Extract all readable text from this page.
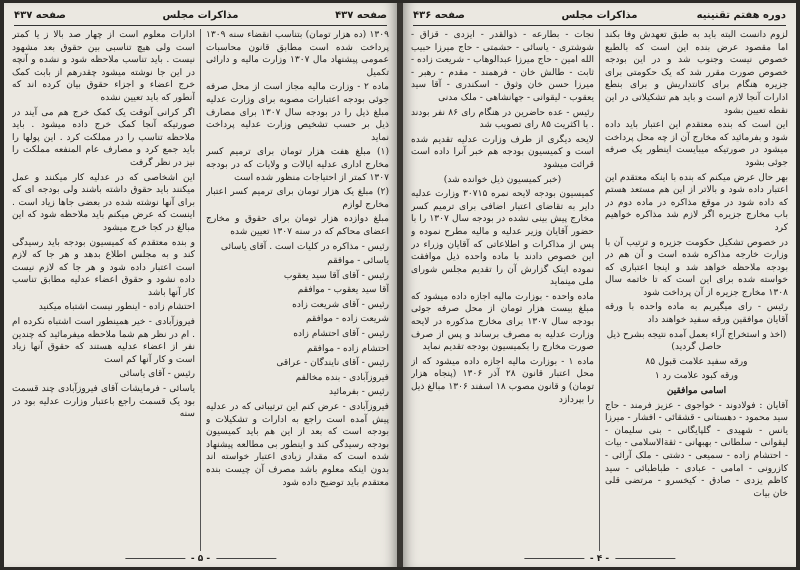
صفحه ۴۳۷
مذاکرات مجلس
صفحه ۴۳۷

۱۳۰۹ (ده هزار تومان) بتناسب انقضاء سنه ۱۳۰۹ پرداخت شده است مطابق قانون محاسبات عمومی پیشنهاد مال ۱۳۰۷ وزارت مالیه و دارائی تکمیل

ماده ۲ - وزارت مالیه مجاز است از محل صرفه جوئی بودجه اعتبارات مصوبه برای وزارت عدلیه مبلغ ذیل را در بودجه سال ۱۳۰۷ برای مصارف ذیل بر حسب تشخیص وزارت عدلیه پرداخت نماید

(۱) مبلغ هفت هزار تومان برای ترمیم کسر مخارج اداری عدلیه ایالات و ولایات که در بودجه ۱۳۰۷ کمتر از احتیاجات منظور شده است

(۲) مبلغ یک هزار تومان برای ترمیم کسر اعتبار مخارج لوازم

مبلغ دوازده هزار تومان برای حقوق و مخارج اعضای محاکم که در سنه ۱۳۰۷ تعیین شده

رئیس - مذاکره در کلیات است . آقای یاسائی

یاسائی - موافقم

رئیس - آقای آقا سید یعقوب

آقا سید یعقوب - موافقم

رئیس - آقای شریعت زاده

شریعت زاده - موافقم

رئیس - آقای احتشام زاده

احتشام زاده - موافقم

رئیس - آقای نایندگان - عراقی

فیروزآبادی - بنده مخالفم

رئیس - بفرمائید

فیروزآبادی - عرض کنم این ترتیباتی که در عدلیه پیش آمده است راجع به ادارات و تشکیلات و بودجه است که بعد از این هم باید کمیسیون بودجه رسیدگی کند و اینطور بی مطالعه پیشنهاد شده است که مقدار زیادی اعتبار خواسته اند بدون اینکه معلوم باشد مصرف آن چیست بنده معتقدم باید توضیح داده شود

ادارات معلوم است از چهار صد بالا ز یا کمتر است ولی هیچ تناسبی بین حقوق بعد مشهود نیست . باید تناسب ملاحظه شود و نشده و آنچه در این جا نوشته میشود چقدرهم از بابت کمک خرج اعضاء و اجزاء حقوق بیان کرده اند که آنطور که باید تعیین نشده

اگر کرانی آنوقت یک کمک خرج هم می آیند در صورتیکه آنجا کمک خرج داده میشود . باید ملاحظه تناسب را در مملکت کرد . این پولها را باید جمع کرد و مصارف عام المنفعه مملکت را نیز در نظر گرفت

این اشخاصی که در عدلیه کار میکنند و عمل میکنند باید حقوق داشته باشند ولی بودجه ای که برای آنها نوشته شده در بعضی جاها زیاد است . اینست که عرض میکنم باید ملاحظه شود که این مبالغ در کجا خرج میشود

و بنده معتقدم که کمیسیون بودجه باید رسیدگی کند و به مجلس اطلاع بدهد و هر جا که لازم است اعتبار داده شود و هر جا که لازم نیست داده نشود و حقوق اعضاء عدلیه مطابق تناسب کار آنها باشد

احتشام زاده - اینطور نیست اشتباه میکنید

فیروزآبادی - خیر همینطور است اشتباه نکرده ام . ام در نظر هم شما ملاحظه میفرمائید که چندین نفر از اعضاء عدلیه هستند که حقوق آنها زیاد است و کار آنها کم است

رئیس - آقای یاسائی

یاسائی - فرمایشات آقای فیروزآبادی چند قسمت بود یک قسمت راجع باعتبار وزارت عدلیه بود در سنه

- ۵ -
دوره هفتم تقنینیه
مذاکرات مجلس
صفحه ۴۳۶

لزوم دانست البته باید به طبق تعهدش وفا بکند اما مقصود عرض بنده این است که بالطبع خصوص نیست وجنوب شد و در این بودجه خصوص صورت مقرر شد که یک حکومتی برای جزیره هنگام برای کانتداریش و برای بنطع ادارات آنجا لازم است و باید هم تشکیلاتی در این نقطه تعیین بشود

این است که بنده معتقدم این اعتبار باید داده شود و بفرمائید که مخارج آن از چه محل پرداخت میشود در صورتیکه میبایست اینطور یک صرفه جوئی بشود

بهر حال عرض میکنم که بنده با اینکه معتقدم این اعتبار داده شود و بالاتر از این هم مستعد هستم که داده شود در موقع مذاکره در ماده دوم در باب مخارج جزیره اگر لازم شد مذاکره خواهیم کرد

در خصوص تشکیل حکومت جزیره و ترتیب آن با وزارت خارجه مذاکره شده است و آن هم در بودجه ملاحظه خواهد شد و اینجا اعتباری که خواسته شده برای این است که تا خاتمه سال ۱۳۰۸ مخارج جزیره از آن پرداخت شود

رئیس - رای میگیریم به ماده واحده با ورقه آقایان موافقین ورقه سفید خواهند داد

(اخذ و استخراج آراء بعمل آمده نتیجه بشرح ذیل حاصل گردید)

ورقه سفید علامت قبول ۸۵

ورقه کبود علامت رد ۱

اسامی موافقین

آقایان : فولادوند - خواجوی - عزیز فرمند - حاج سید محمود - دهستانی - قشقائی - افشار - میرزا یانس - شهیدی - گلپایگانی - بنی سلیمان - لیقوانی - سلطانی - بهبهانی - ثقةالاسلامی - بیات - احتشام زاده - سمیعی - دشتی - ملک آرائی - کازرونی - امامی - عبادی - طباطبائی - سید کاظم یزدی - صادق - کیخسرو - مرتضی قلی خان بیات

نجات - بطارعه - ذوالقدر - ایزدی - قزاق - شوشتری - یاسائی - حشمتی - حاج میرزا حبیب الله امین - حاج میرزا عبدالوهاب - شریعت زاده - ثابت - طالش خان - فرهمند - مقدم - رهبر - میرزا حسن خان وثوق - اسکندری - آقا سید یعقوب - لیقوانی - جهانشاهی - ملک مدنی

رئیس - عده حاضرین در هنگام رای ۸۶ نفر بودند . با اکثریت ۸۵ رای تصویب شد

لایحه دیگری از طرف وزارت عدلیه تقدیم شده است و کمیسیون بودجه هم خبر آنرا داده است قرائت میشود

(خبر کمیسیون ذیل خوانده شد)

کمیسیون بودجه لایحه نمره ۳۰۷۱۵ وزارت عدلیه دایر به تقاضای اعتبار اضافی برای ترمیم کسر مخارج پیش بینی نشده در بودجه سال ۱۳۰۷ را با حضور آقایان وزیر عدلیه و مالیه مطرح نموده و پس از مذاکرات و اطلاعاتی که آقایان وزراء در این خصوص دادند با ماده واحده ذیل موافقت نموده اینک گزارش آن را تقدیم مجلس شورای ملی مینماید

ماده واحده - بوزارت مالیه اجازه داده میشود که مبلغ بیست هزار تومان از محل صرفه جوئی بودجه سال ۱۳۰۷ برای مخارج مذکوره در لایحه وزارت عدلیه به مصرف برساند و پس از صرف صورت مخارج را بکمیسیون بودجه تقدیم نماید

ماده ۱ - بوزارت مالیه اجازه داده میشود که از محل اعتبار قانون ۲۸ آذر ۱۳۰۶ (پنجاه هزار تومان) و قانون مصوب ۱۸ اسفند ۱۳۰۶ مبالغ ذیل را بپردازد

- ۴ -
